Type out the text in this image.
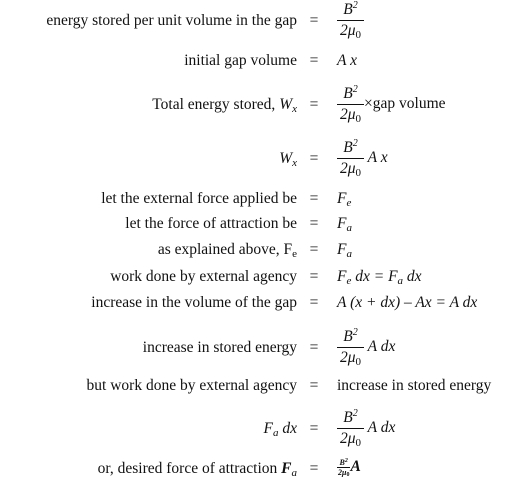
energy stored per unit volume in the gap = $\frac{B^2}{2\mu_0}$
initial gap volume = A x
Total energy stored, $W_x = \frac{B^2}{2\mu_0} \times gap$ volume
$W_x = \frac{B^2}{2\mu_0}$ A x
let the external force applied be = $F_e$
let the force of attraction be = $F_a$
as explained above, $F_e = F_a$
work done by external agency = $F_e$ dx = $F_a$ dx
increase in the volume of the gap = A (x + dx) – Ax = A dx
increase in stored energy = $\frac{B^2}{2\mu_0}$ A dx
but work done by external agency = increase in stored energy
$F_a$ dx = $\frac{B^2}{2\mu_0}$ A dx
or, desired force of attraction $F_a$ =	$\frac{B^2}{2\mu_0}$ A
